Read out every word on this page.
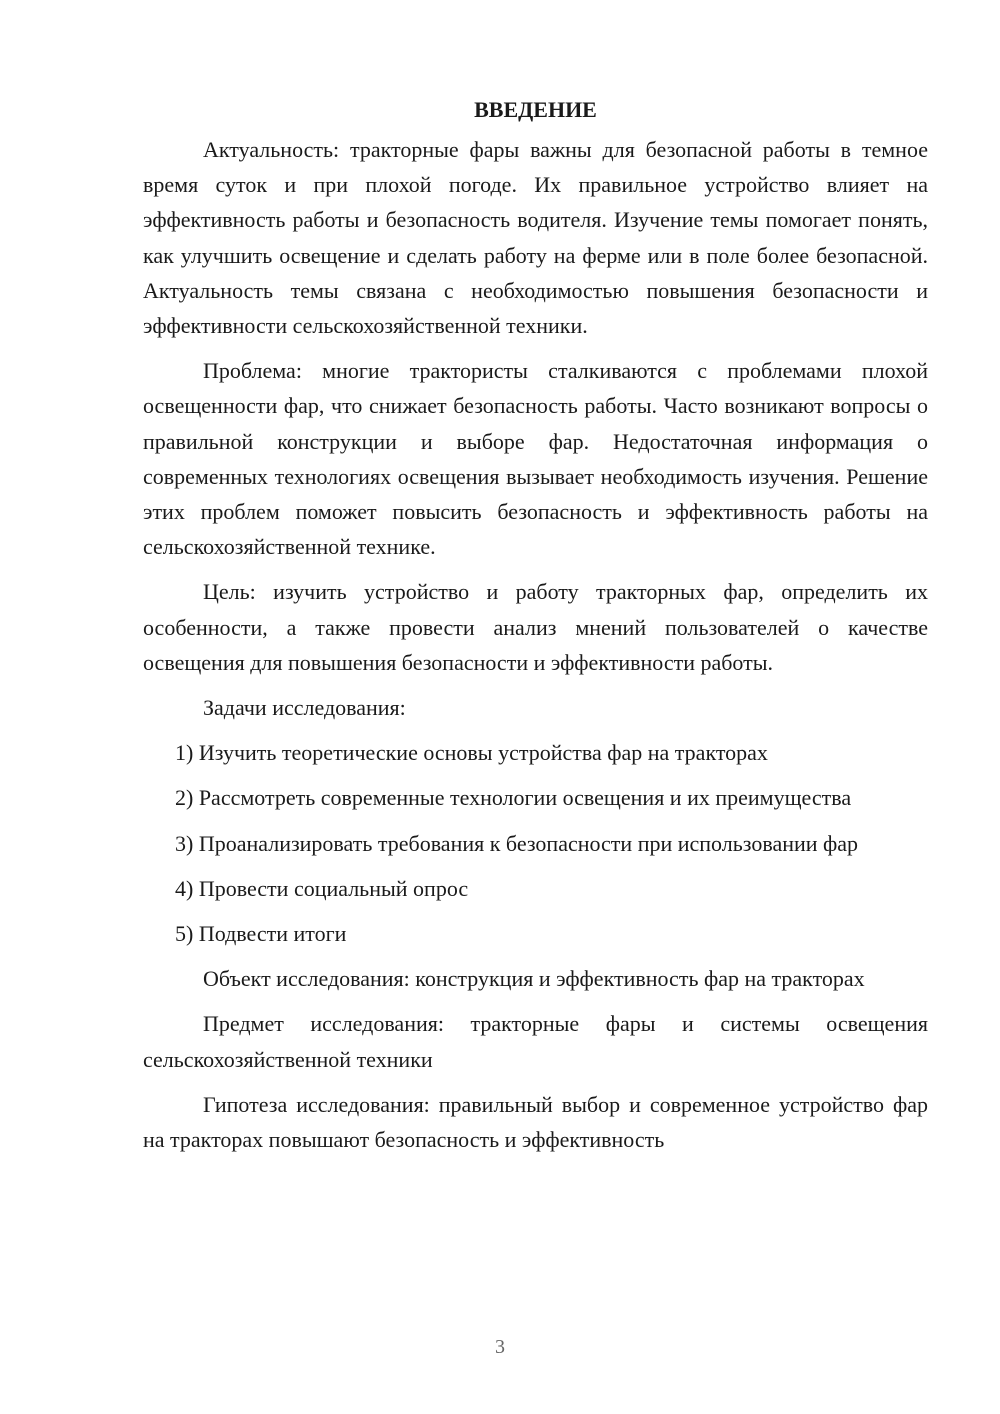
ВВЕДЕНИЕ

Актуальность: тракторные фары важны для безопасной работы в темное время суток и при плохой погоде. Их правильное устройство влияет на эффективность работы и безопасность водителя. Изучение темы помогает понять, как улучшить освещение и сделать работу на ферме или в поле более безопасной. Актуальность темы связана с необходимостью повышения безопасности и эффективности сельскохозяйственной техники.

Проблема: многие трактористы сталкиваются с проблемами плохой освещенности фар, что снижает безопасность работы. Часто возникают вопросы о правильной конструкции и выборе фар. Недостаточная информация о современных технологиях освещения вызывает необходимость изучения. Решение этих проблем поможет повысить безопасность и эффективность работы на сельскохозяйственной технике.

Цель: изучить устройство и работу тракторных фар, определить их особенности, а также провести анализ мнений пользователей о качестве освещения для повышения безопасности и эффективности работы.

Задачи исследования:

1) Изучить теоретические основы устройства фар на тракторах

2) Рассмотреть современные технологии освещения и их преимущества

3) Проанализировать требования к безопасности при использовании фар

4) Провести социальный опрос

5) Подвести итоги

Объект исследования: конструкция и эффективность фар на тракторах

Предмет исследования: тракторные фары и системы освещения сельскохозяйственной техники

Гипотеза исследования: правильный выбор и современное устройство фар на тракторах повышают безопасность и эффективность

3
